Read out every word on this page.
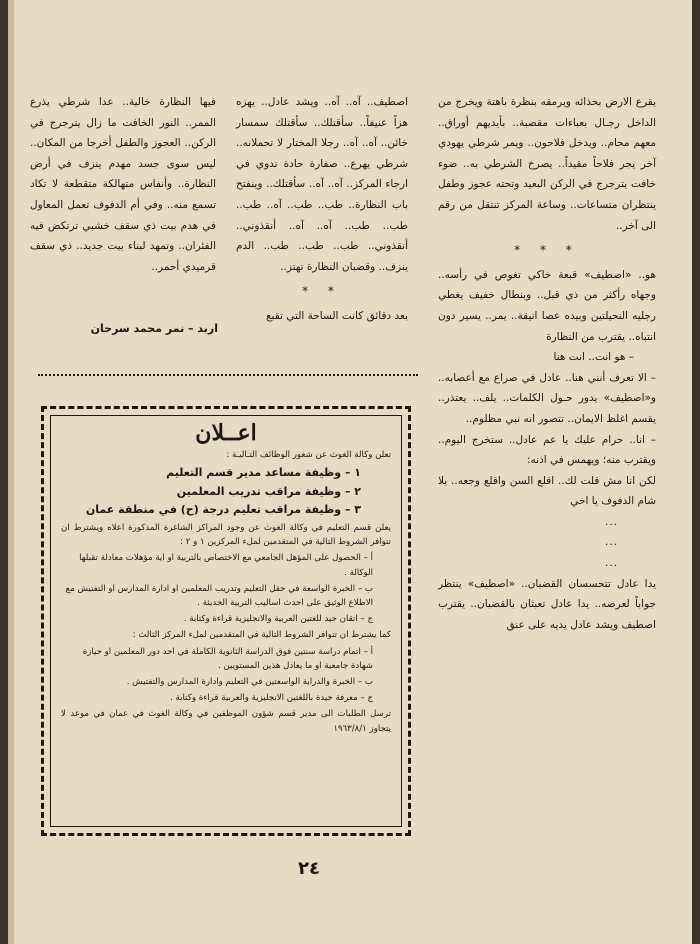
يقرع الارض بحذائه ويرمقه بنظرة باهتة ويخرج من الداخل رجـال بعباءات مقصبة.. بأيديهم أوراق.. معهم محام.. ويدخل فلاحون.. ويمر شرطي يهودي آخر يجر فلاحاً مقيداً.. يصرخ الشرطي به.. ضوء خافت يترجرج في الركن البعيد وتحته عجوز وطفل ينتظران متساعات.. وساعة المركز تنتقل من رقم الى آخر..

* * *

هو.. «اصطيف» قبعة خاكي تغوص في رأسه.. وجهاه رأكثر من ذي قبل.. وبنطال خفيف يغطي رجليه النحيلتين وبيده عصا انيقة.. يمر.. يسير دون انتباه.. يقترب من النظارة

– هو انت.. انت هنا

– الا تعرف أنني هنا.. عادل في صراع مع أعصابه.. و«اصطيف» يدور حـول الكلمات.. يلف.. يعتذر.. يقسم اغلظ الايمان.. تتصور انه نبي مظلوم..

– انا.. حرام عليك يا عم عادل.. ستخرج اليوم.. ويقترب منه؛ ويهمس في اذنه:

لكن انا مش قلت لك.. اقلع السن واقلع وجعه.. يلا شام الدفوف يا اخي

...

...

...

يدا عادل تتحسسان القضبان.. «اصطيف» ينتظر جواباً لعرضه.. يدا عادل تعبثان بالقضبان.. يقترب اصطيف ويشد عادل يديه على عنق

اصطيف.. آه.. آه.. ويشد عادل.. يهزه هزاً عنيفاً.. سأقتلك.. سأقتلك سمسار خائن.. آه.. آه.. رجلا المختار لا تحملانه.. شرطي يهرع.. صفارة حادة تدوي في ارجاء المركز.. آه.. آه.. سأقتلك.. وينفتح باب النظارة.. طب.. طب.. آه.. طب.. طب.. طب.. آه.. آه.. أنقذوني.. أنقذوني.. طب.. طب.. طب.. الدم ينزف.. وقضبان النظارة تهتز..

* *

بعد دقائق كانت الساحة التي تقبع

فيها النظارة خالية.. عدا شرطي يذرع الممر.. النور الخافت ما زال يترجرج في الركن.. العجوز والطفل أخرجا من المكان.. ليس سوى جسد مهدم ينزف في أرض النظارة.. وأنفاس متهالكة متقطعة لا تكاد تسمع منه.. وفي أم الدفوف تعمل المعاول في هدم بيت ذي سقف خشبي ترتكض فيه الفئران.. وتمهد لبناء بيت جديد.. ذي سقف قرميدي أحمر..

اربد – نمر محمد سرحان
اعــلان
تعلن وكالة الغوث عن شغور الوظائف التـاليـة :
١ – وظيفة مساعد مدير قسم التعليم
٢ – وظيفة مراقب تدريب المعلمين
٣ – وظيفة مراقب تعليم درجة (ح) في منطقة عمان
يعلن قسم التعليم في وكالة الغوث عن وجود المراكز الشاغرة المذكورة اعلاه ويشترط ان تتوافر الشروط التالية في المتقدمين لملء المركزين ١ و ٢ :
أ – الحصول على المؤهل الجامعي مع الاختصاص بالتربية او اية مؤهلات معادلة تقبلها الوكالة .
ب – الخبرة الواسعة في حقل التعليم وتدريب المعلمين او ادارة المدارس او التفتيش مع الاطلاع الوثيق على احدث اساليب التربية الحديثة .
ج – اتقان جيد للغتين العربية والانجليزية قراءة وكتابة .
كما يشترط ان تتوافر الشروط التالية في المتقدمين لملء المركز الثالث :
أ – اتمام دراسة سنتين فوق الدراسة الثانوية الكاملة في احد دور المعلمين او حيازة شهادة جامعية او ما يعادل هذين المستويين .
ب – الخبرة والدراية الواسعتين في التعليم وادارة المدارس والتفتيش .
ج – معرفة جيدة باللغتين الانجليزية والعربية قراءة وكتابة .
ترسل الطلبات الى مدير قسم شؤون الموظفين في وكالة الغوث في عمان في موعد لا يتجاوز ١٩٦٣/٨/١
٢٤
